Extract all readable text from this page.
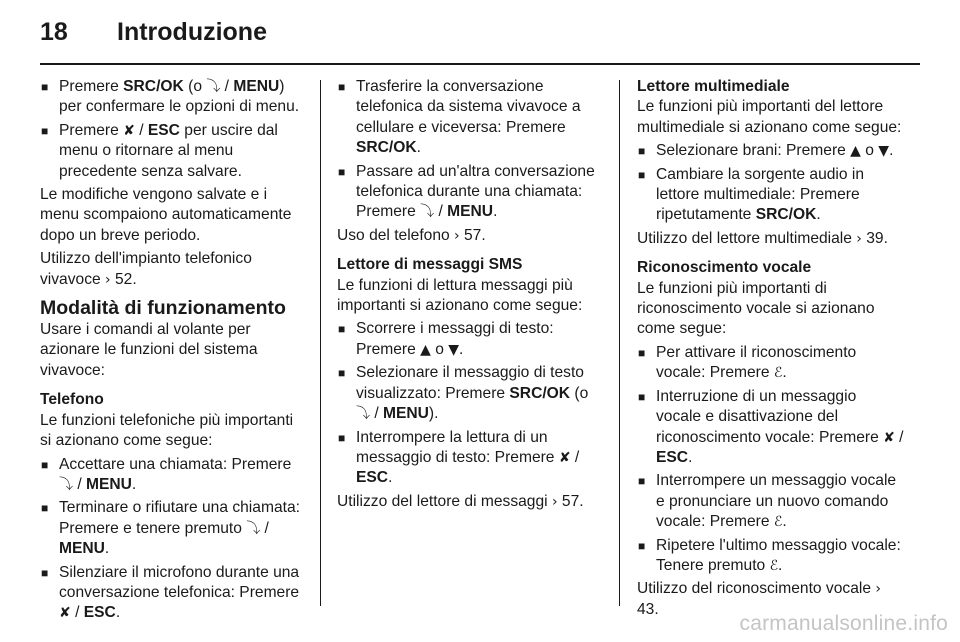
18 Introduzione
■ Premere SRC/OK (o ⤵ / MENU) per confermare le opzioni di menu.
■ Premere ✘ / ESC per uscire dal menu o ritornare al menu precedente senza salvare.

Le modifiche vengono salvate e i menu scompaiono automaticamente dopo un breve periodo.

Utilizzo dell'impianto telefonico vivavoce › 52.

Modalità di funzionamento

Usare i comandi al volante per azionare le funzioni del sistema vivavoce:

Telefono

Le funzioni telefoniche più importanti si azionano come segue:

■ Accettare una chiamata: Premere ⤵ / MENU.
■ Terminare o rifiutare una chiamata: Premere e tenere premuto ⤵ / MENU.
■ Silenziare il microfono durante una conversazione telefonica: Premere ✘ / ESC.
■ Trasferire la conversazione telefonica da sistema vivavoce a cellulare e viceversa: Premere SRC/OK.
■ Passare ad un'altra conversazione telefonica durante una chiamata: Premere ⤵ / MENU.

Uso del telefono › 57.

Lettore di messaggi SMS

Le funzioni di lettura messaggi più importanti si azionano come segue:

■ Scorrere i messaggi di testo: Premere ▲ o ▼.
■ Selezionare il messaggio di testo visualizzato: Premere SRC/OK (o ⤵ / MENU).
■ Interrompere la lettura di un messaggio di testo: Premere ✘ / ESC.

Utilizzo del lettore di messaggi › 57.

Lettore multimediale

Le funzioni più importanti del lettore multimediale si azionano come segue:

■ Selezionare brani: Premere ▲ o ▼.
■ Cambiare la sorgente audio in lettore multimediale: Premere ripetutamente SRC/OK.

Utilizzo del lettore multimediale › 39.

Riconoscimento vocale

Le funzioni più importanti di riconoscimento vocale si azionano come segue:

■ Per attivare il riconoscimento vocale: Premere ℰ.
■ Interruzione di un messaggio vocale e disattivazione del riconoscimento vocale: Premere ✘ / ESC.
■ Interrompere un messaggio vocale e pronunciare un nuovo comando vocale: Premere ℰ.
■ Ripetere l'ultimo messaggio vocale: Tenere premuto ℰ.

Utilizzo del riconoscimento vocale › 43.

carmanualsonline.info
